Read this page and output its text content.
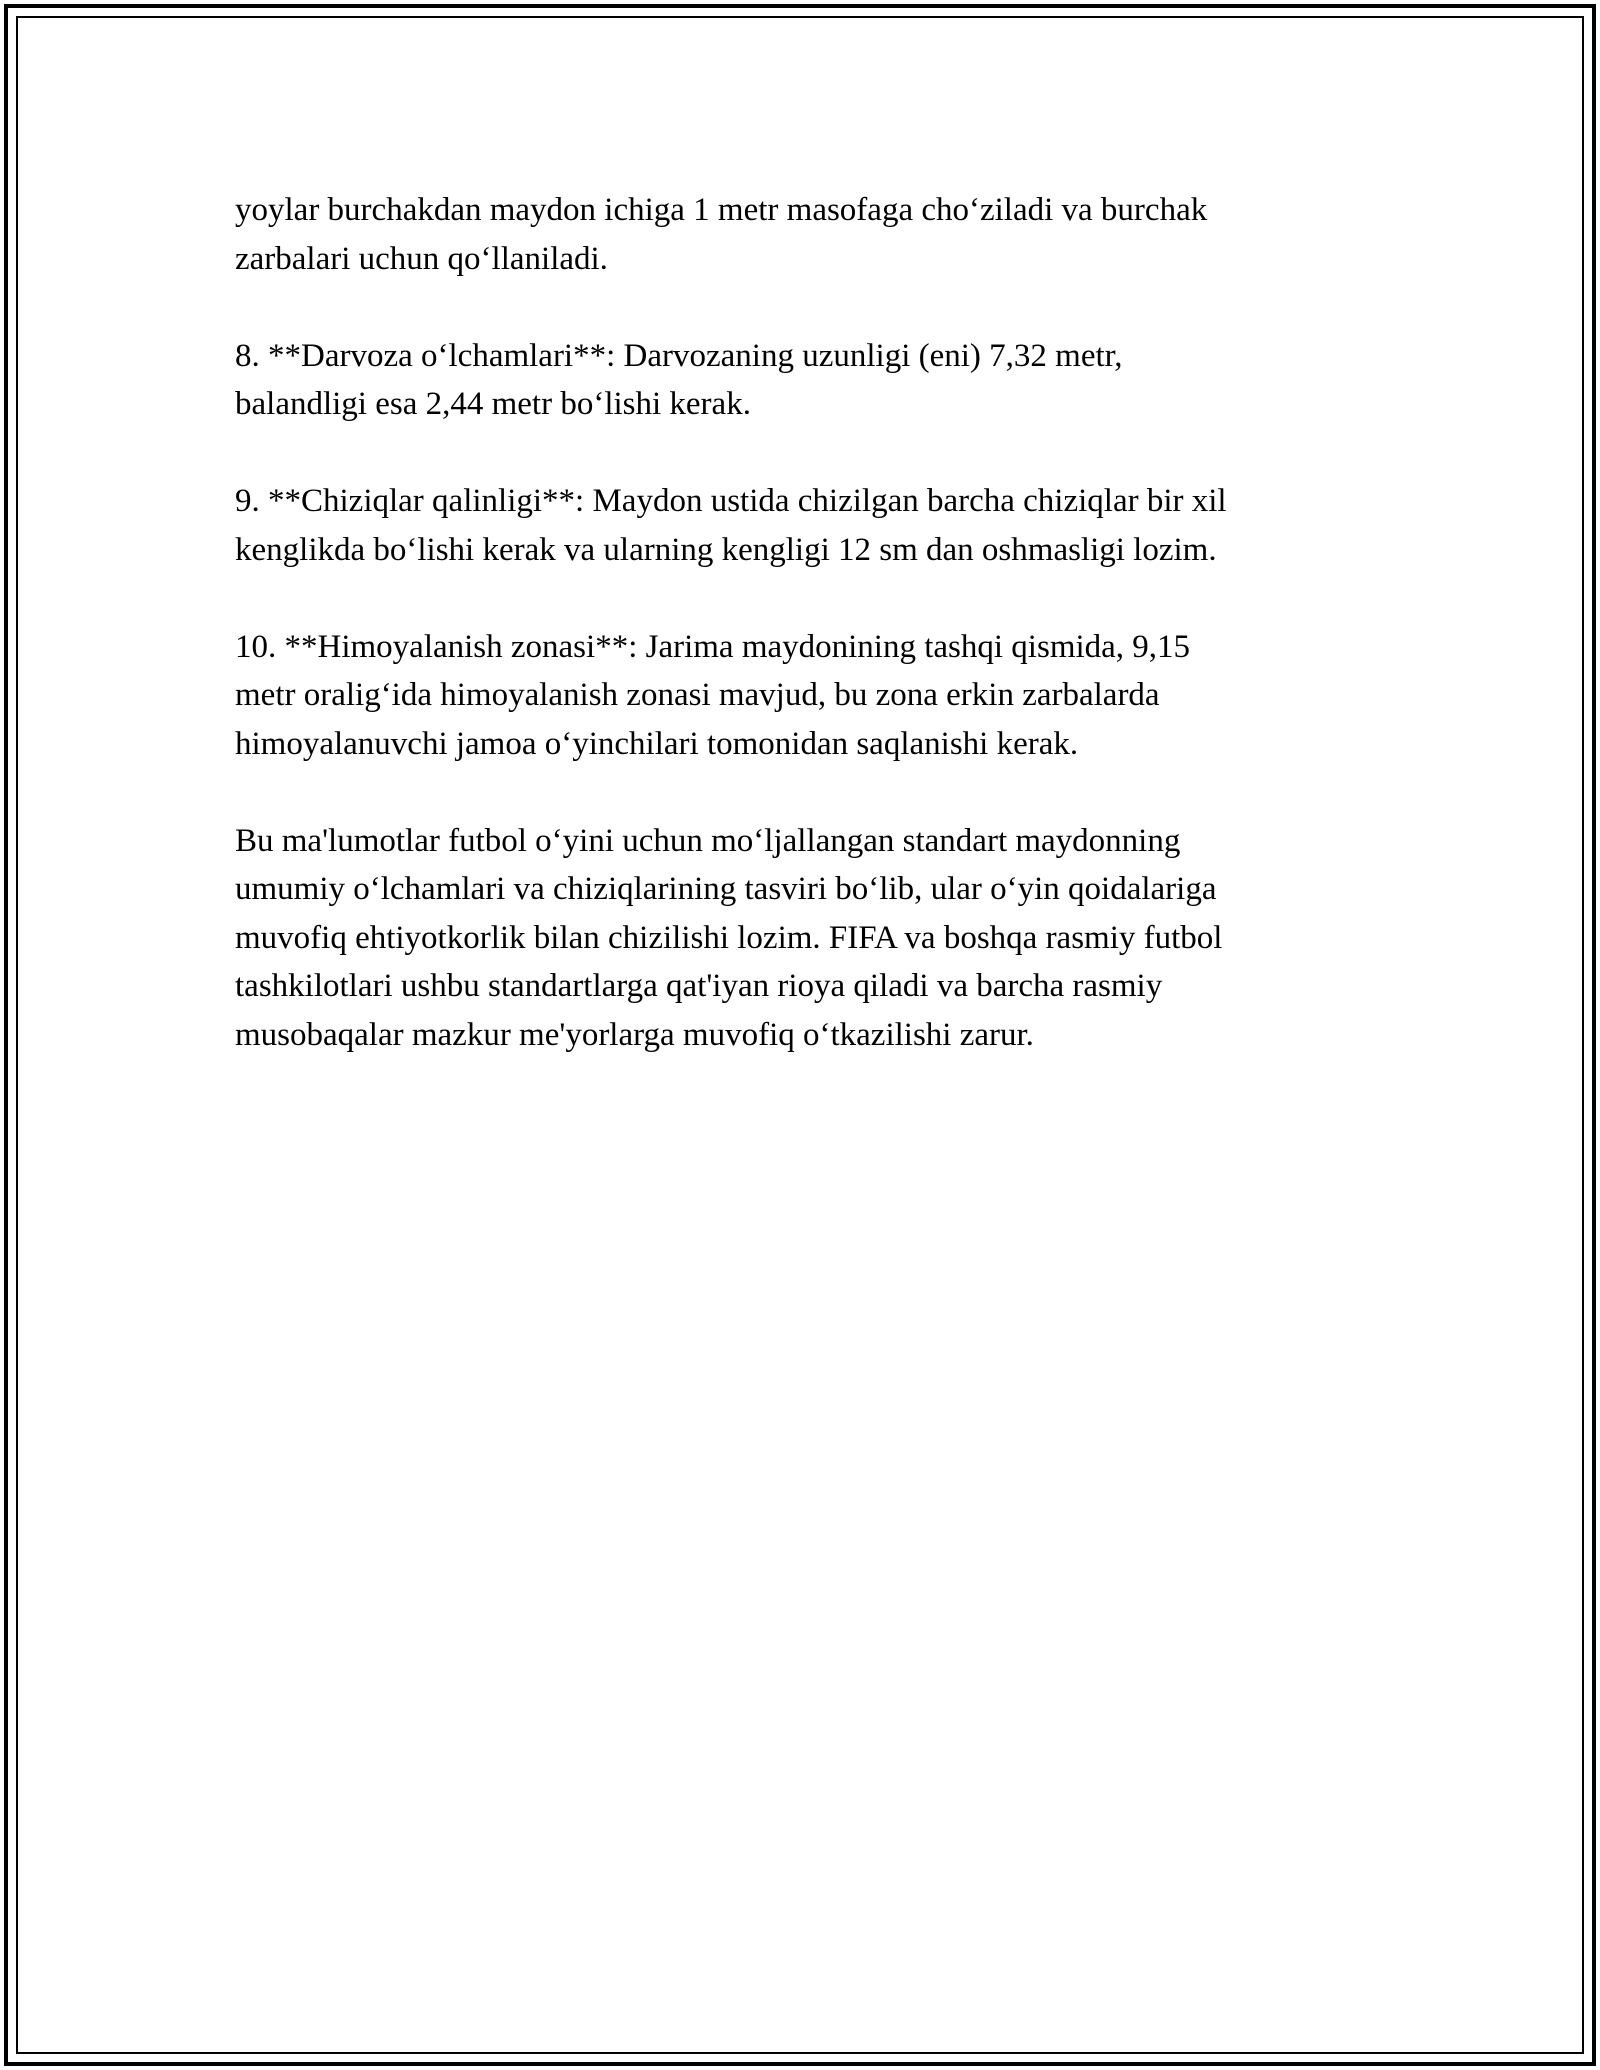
yoylar burchakdan maydon ichiga 1 metr masofaga cho‘ziladi va burchak
zarbalari uchun qo‘llaniladi.

8. **Darvoza o‘lchamlari**: Darvozaning uzunligi (eni) 7,32 metr,
balandligi esa 2,44 metr bo‘lishi kerak.

9. **Chiziqlar qalinligi**: Maydon ustida chizilgan barcha chiziqlar bir xil
kenglikda bo‘lishi kerak va ularning kengligi 12 sm dan oshmasligi lozim.

10. **Himoyalanish zonasi**: Jarima maydonining tashqi qismida, 9,15
metr oralig‘ida himoyalanish zonasi mavjud, bu zona erkin zarbalarda
himoyalanuvchi jamoa o‘yinchilari tomonidan saqlanishi kerak.

Bu ma'lumotlar futbol o‘yini uchun mo‘ljallangan standart maydonning
umumiy o‘lchamlari va chiziqlarining tasviri bo‘lib, ular o‘yin qoidalariga
muvofiq ehtiyotkorlik bilan chizilishi lozim. FIFA va boshqa rasmiy futbol
tashkilotlari ushbu standartlarga qat'iyan rioya qiladi va barcha rasmiy
musobaqalar mazkur me'yorlarga muvofiq o‘tkazilishi zarur.
